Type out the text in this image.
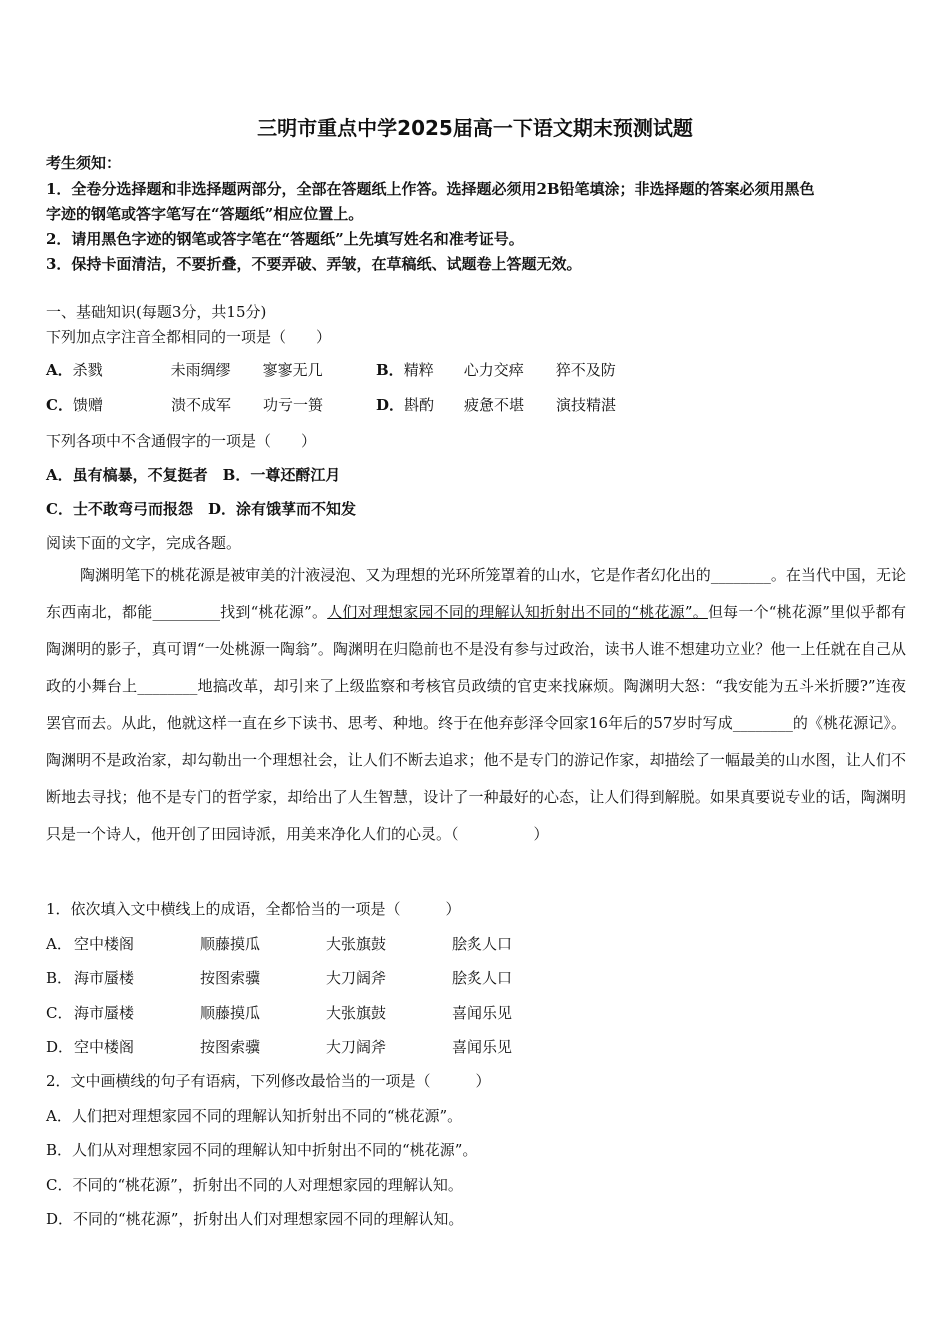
三明市重点中学2025届高一下语文期末预测试题
考生须知：
1．全卷分选择题和非选择题两部分，全部在答题纸上作答。选择题必须用2B铅笔填涂；非选择题的答案必须用黑色
字迹的钢笔或答字笔写在“答题纸”相应位置上。
2．请用黑色字迹的钢笔或答字笔在“答题纸”上先填写姓名和准考证号。
3．保持卡面清洁，不要折叠，不要弄破、弄皱，在草稿纸、试题卷上答题无效。
一、基础知识(每题3分，共15分)
下列加点字注音全都相同的一项是（　　）
A．杀戮	未雨绸缪 寥寥无几	B．精粹 心力交瘁 猝不及防
C．馈赠	溃不成军 功亏一篑	D．斟酌 疲惫不堪 演技精湛
下列各项中不含通假字的一项是（　　）
A．虽有槁暴，不复挺者　B．一尊还酹江月
C．士不敢弯弓而报怨　D．涂有饿莩而不知发
阅读下面的文字，完成各题。
陶渊明笔下的桃花源是被审美的汁液浸泡、又为理想的光环所笼罩着的山水，它是作者幻化出的________。在当代中国，无论东西南北，都能_________找到“桃花源”。人们对理想家园不同的理解认知折射出不同的“桃花源”。但每一个“桃花源”里似乎都有陶渊明的影子，真可谓“一处桃源一陶翁”。陶渊明在归隐前也不是没有参与过政治，读书人谁不想建功立业？他一上任就在自己从政的小舞台上________地搞改革，却引来了上级监察和考核官员政绩的官吏来找麻烦。陶渊明大怒：“我安能为五斗米折腰?”连夜罢官而去。从此，他就这样一直在乡下读书、思考、种地。终于在他弃彭泽令回家16年后的57岁时写成________的《桃花源记》。陶渊明不是政治家，却勾勒出一个理想社会，让人们不断去追求；他不是专门的游记作家，却描绘了一幅最美的山水图，让人们不断地去寻找；他不是专门的哲学家，却给出了人生智慧，设计了一种最好的心态，让人们得到解脱。如果真要说专业的话，陶渊明只是一个诗人，他开创了田园诗派，用美来净化人们的心灵。（　　　　　）
1．依次填入文中横线上的成语，全都恰当的一项是（　　　）
A． 空中楼阁	顺藤摸瓜	大张旗鼓	脍炙人口
B． 海市蜃楼	按图索骥	大刀阔斧	脍炙人口
C． 海市蜃楼	顺藤摸瓜	大张旗鼓	喜闻乐见
D．空中楼阁	按图索骥	大刀阔斧	喜闻乐见
2．文中画横线的句子有语病，下列修改最恰当的一项是（　　　）
A．人们把对理想家园不同的理解认知折射出不同的“桃花源”。
B．人们从对理想家园不同的理解认知中折射出不同的“桃花源”。
C．不同的“桃花源”，折射出不同的人对理想家园的理解认知。
D．不同的“桃花源”，折射出人们对理想家园不同的理解认知。
